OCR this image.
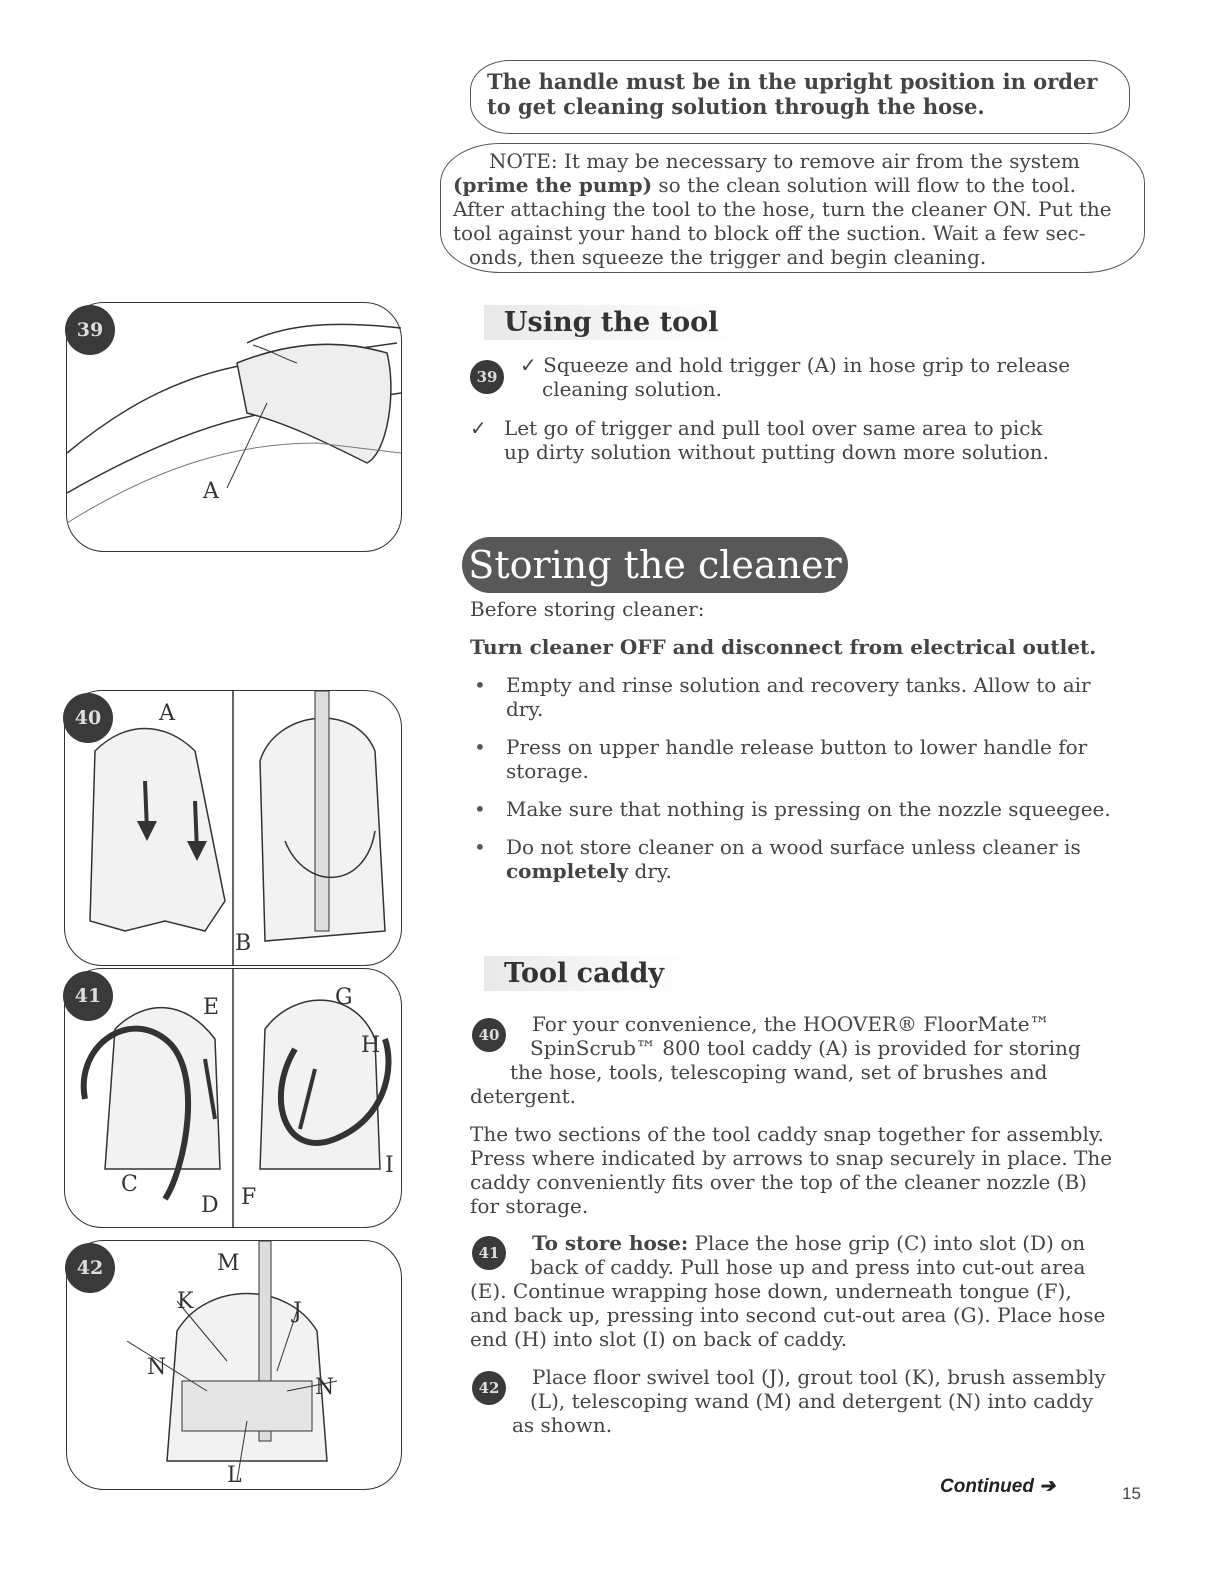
The handle must be in the upright position in order
to get cleaning solution through the hose.
NOTE: It may be necessary to remove air from the system
(prime the pump) so the clean solution will flow to the tool.
After attaching the tool to the hose, turn the cleaner ON. Put the
tool against your hand to block off the suction. Wait a few sec-
onds, then squeeze the trigger and begin cleaning.
Using the tool
39	✓ Squeeze and hold trigger (A) in hose grip to release
cleaning solution.
✓ Let go of trigger and pull tool over same area to pick
up dirty solution without putting down more solution.
Storing the cleaner
Before storing cleaner:
Turn cleaner OFF and disconnect from electrical outlet.
• Empty and rinse solution and recovery tanks. Allow to air
dry.
• Press on upper handle release button to lower handle for
storage.
• Make sure that nothing is pressing on the nozzle squeegee.
• Do not store cleaner on a wood surface unless cleaner is
completely dry.
Tool caddy
40	For your convenience, the HOOVER® FloorMate™
SpinScrub™ 800 tool caddy (A) is provided for storing
the hose, tools, telescoping wand, set of brushes and
detergent.
The two sections of the tool caddy snap together for assembly.
Press where indicated by arrows to snap securely in place. The
caddy conveniently fits over the top of the cleaner nozzle (B)
for storage.
41	To store hose: Place the hose grip (C) into slot (D) on
back of caddy. Pull hose up and press into cut-out area
(E). Continue wrapping hose down, underneath tongue (F),
and back up, pressing into second cut-out area (G). Place hose
end (H) into slot (I) on back of caddy.
42	Place floor swivel tool (J), grout tool (K), brush assembly
(L), telescoping wand (M) and detergent (N) into caddy
as shown.
Continued ➔	15
39
A
40	A
B
41	E
C
D
G
H
F
I
42	M
K	J
N
N
L
